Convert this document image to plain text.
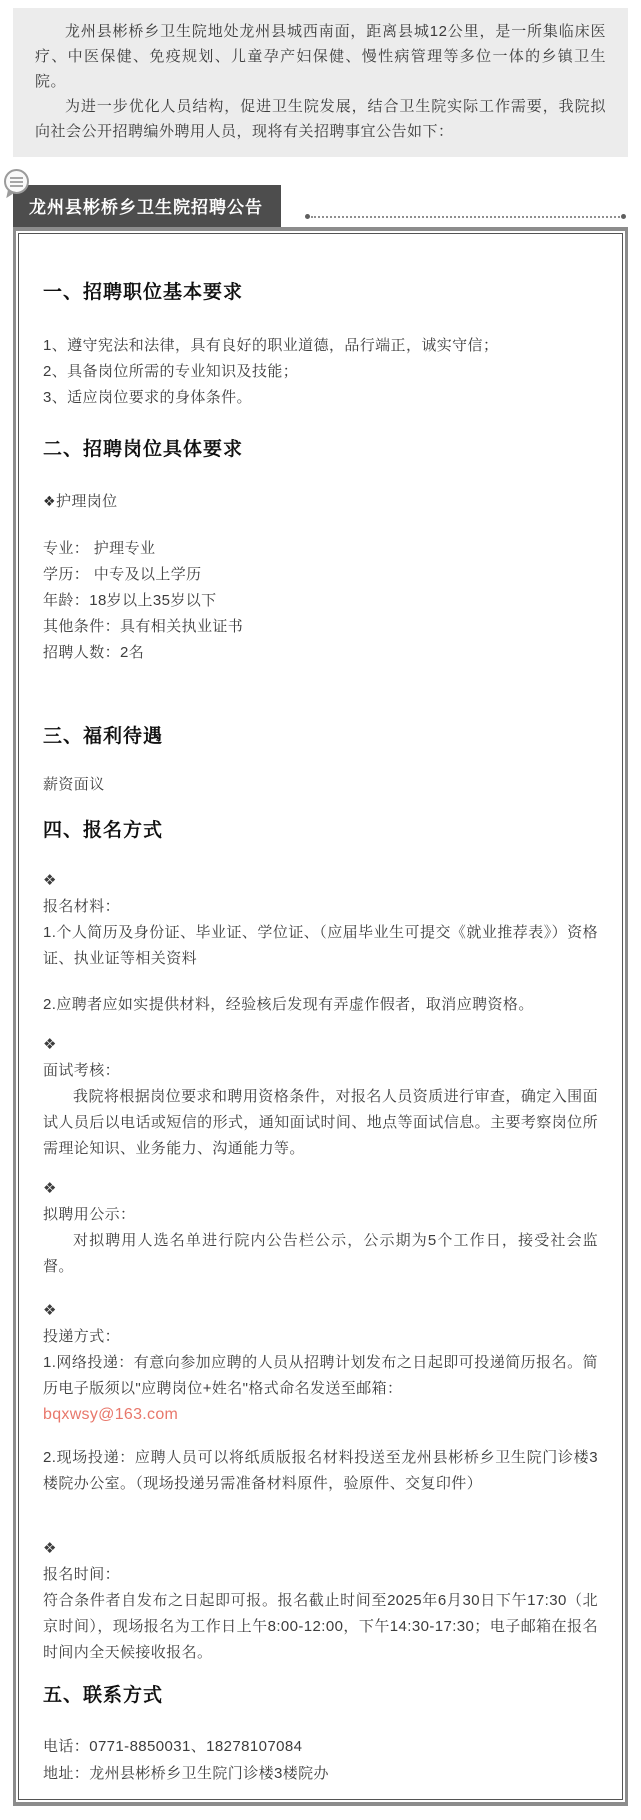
龙州县彬桥乡卫生院地处龙州县城西南面，距离县城12公里，是一所集临床医疗、中医保健、免疫规划、儿童孕产妇保健、慢性病管理等多位一体的乡镇卫生院。

为进一步优化人员结构，促进卫生院发展，结合卫生院实际工作需要，我院拟向社会公开招聘编外聘用人员，现将有关招聘事宜公告如下：

龙州县彬桥乡卫生院招聘公告
一、招聘职位基本要求

1、遵守宪法和法律，具有良好的职业道德，品行端正，诚实守信；

2、具备岗位所需的专业知识及技能；

3、适应岗位要求的身体条件。

二、招聘岗位具体要求

❖护理岗位

专业： 护理专业

学历： 中专及以上学历

年龄：18岁以上35岁以下

其他条件：具有相关执业证书

招聘人数：2名

三、福利待遇

薪资面议

四、报名方式

❖

报名材料：

1.个人简历及身份证、毕业证、学位证、（应届毕业生可提交《就业推荐表》）资格证、执业证等相关资料

2.应聘者应如实提供材料，经验核后发现有弄虚作假者，取消应聘资格。

❖

面试考核：

我院将根据岗位要求和聘用资格条件，对报名人员资质进行审查，确定入围面试人员后以电话或短信的形式，通知面试时间、地点等面试信息。主要考察岗位所需理论知识、业务能力、沟通能力等。

❖

拟聘用公示：

对拟聘用人选名单进行院内公告栏公示，公示期为5个工作日，接受社会监督。

❖

投递方式：

1.网络投递：有意向参加应聘的人员从招聘计划发布之日起即可投递简历报名。简历电子版须以"应聘岗位+姓名"格式命名发送至邮箱：

bqxwsy@163.com

2.现场投递：应聘人员可以将纸质版报名材料投送至龙州县彬桥乡卫生院门诊楼3楼院办公室。（现场投递另需准备材料原件，验原件、交复印件）

❖

报名时间：

符合条件者自发布之日起即可报。报名截止时间至2025年6月30日下午17:30（北京时间），现场报名为工作日上午8:00-12:00，下午14:30-17:30；电子邮箱在报名时间内全天候接收报名。

五、联系方式

电话：0771-8850031、18278107084

地址：龙州县彬桥乡卫生院门诊楼3楼院办
